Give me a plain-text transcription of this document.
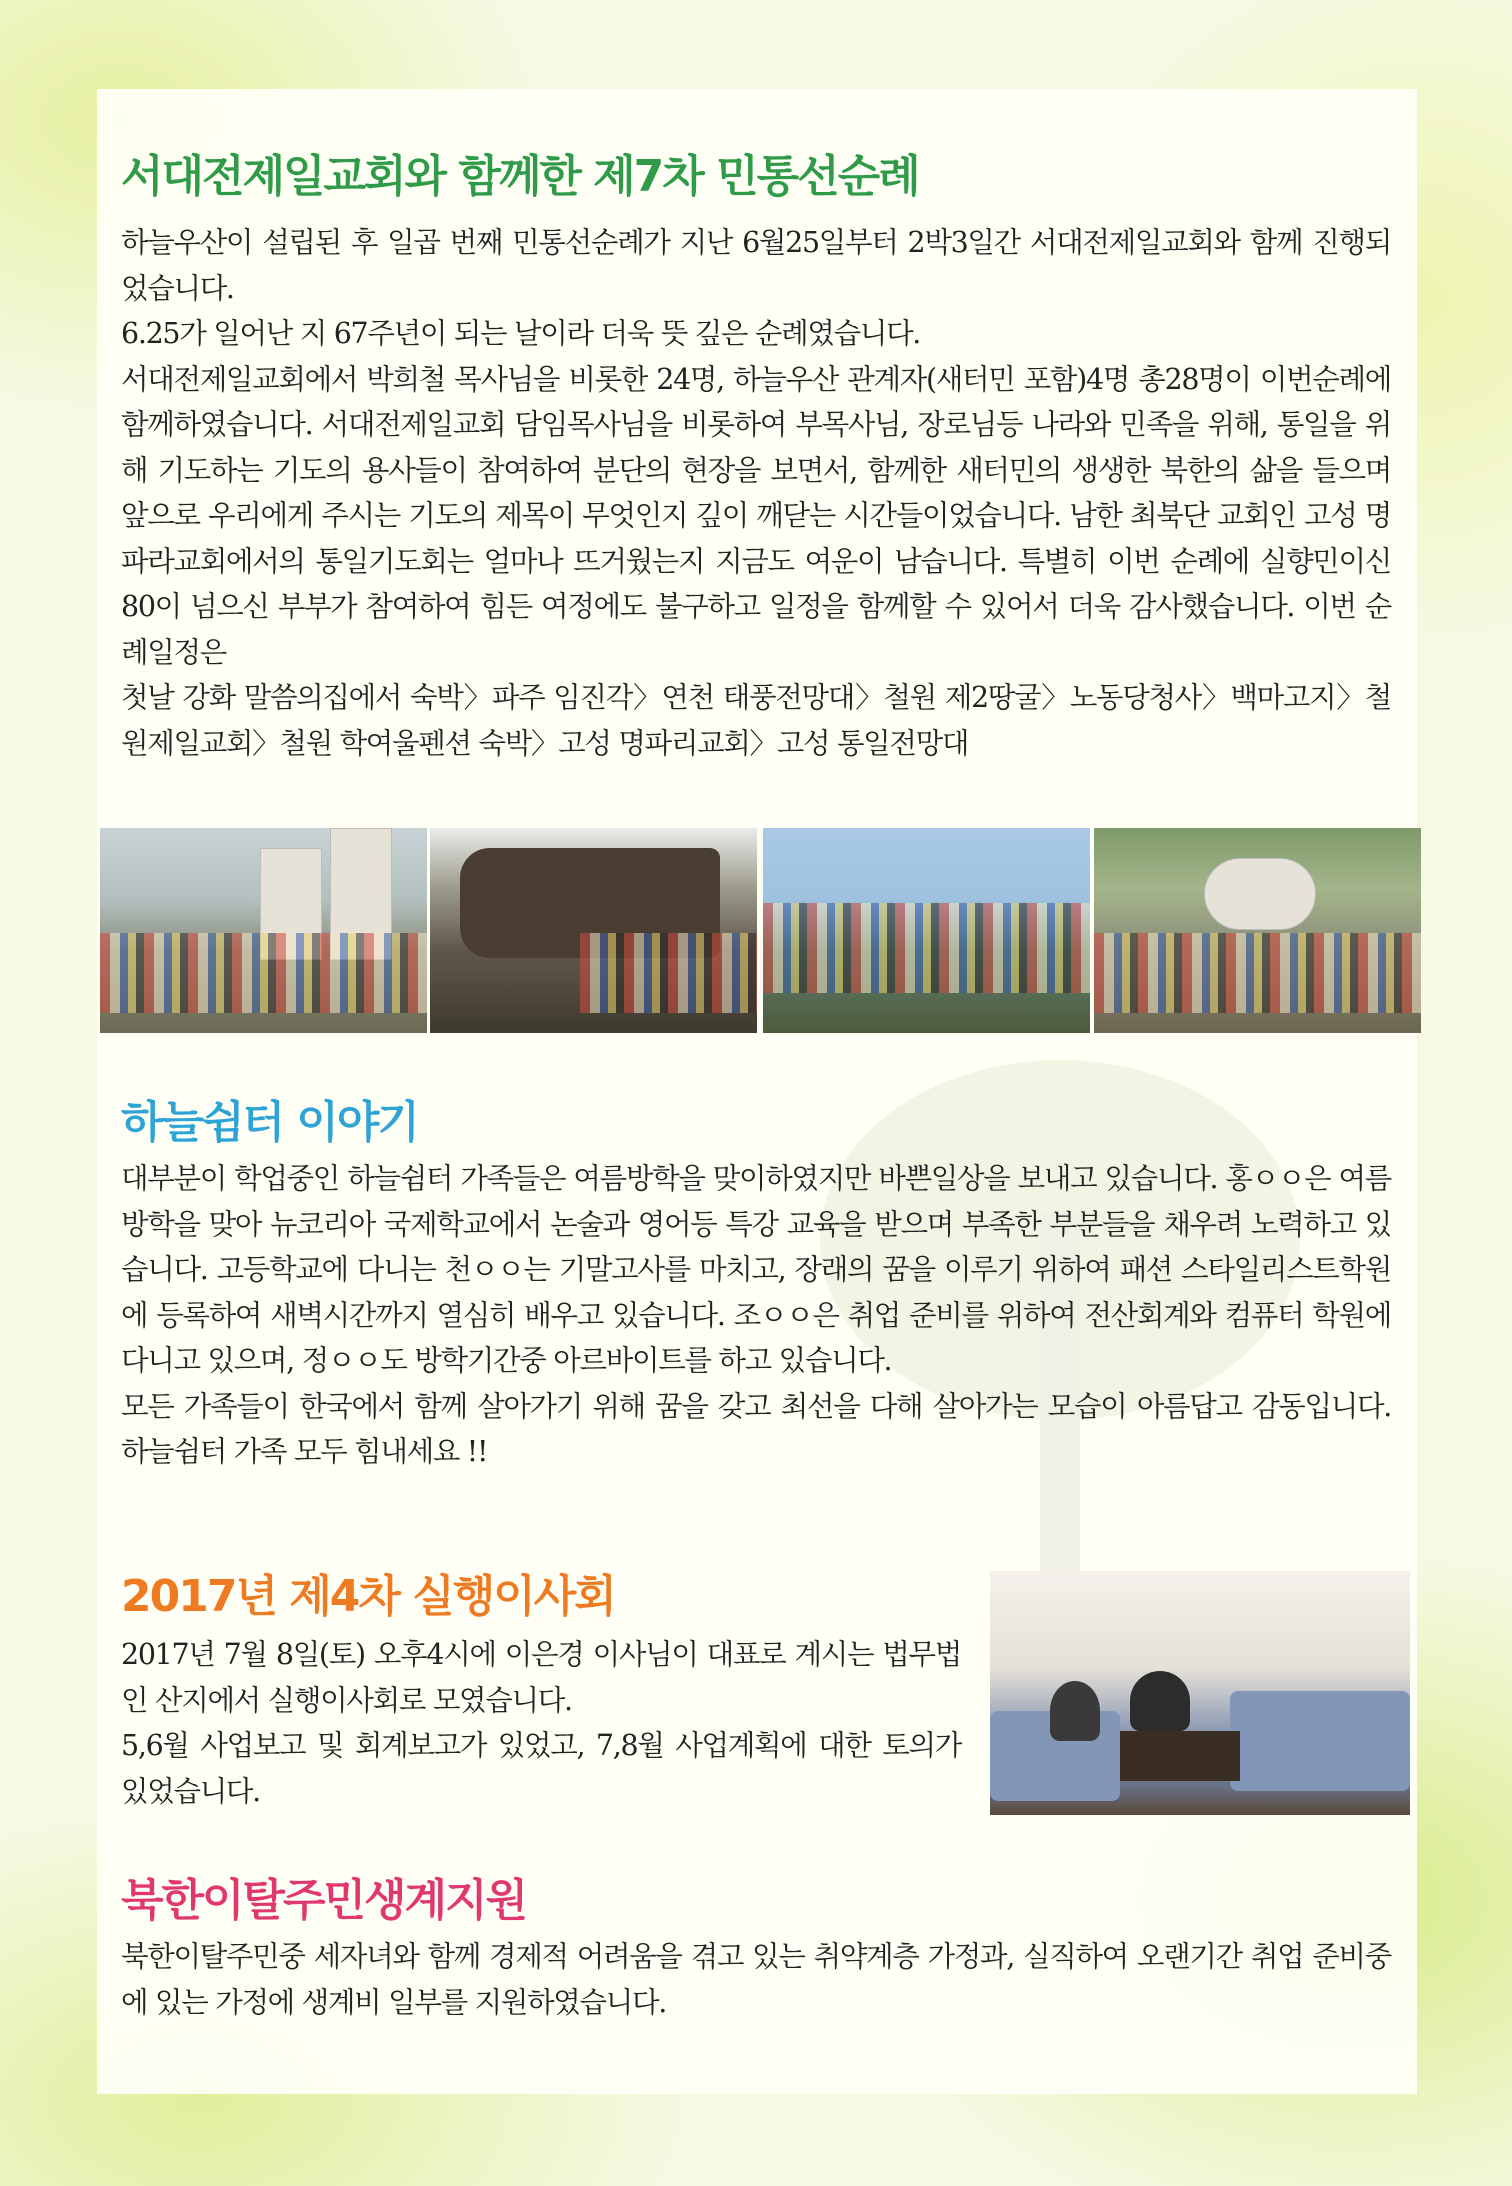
서대전제일교회와 함께한 제7차 민통선순례

하늘우산이 설립된 후 일곱 번째 민통선순례가 지난 6월25일부터 2박3일간 서대전제일교회와 함께 진행되었습니다.

6.25가 일어난 지 67주년이 되는 날이라 더욱 뜻 깊은 순례였습니다.

서대전제일교회에서 박희철 목사님을 비롯한 24명, 하늘우산 관계자(새터민 포함)4명 총28명이 이번순례에 함께하였습니다. 서대전제일교회 담임목사님을 비롯하여 부목사님, 장로님등 나라와 민족을 위해, 통일을 위해 기도하는 기도의 용사들이 참여하여 분단의 현장을 보면서, 함께한 새터민의 생생한 북한의 삶을 들으며 앞으로 우리에게 주시는 기도의 제목이 무엇인지 깊이 깨닫는 시간들이었습니다. 남한 최북단 교회인 고성 명파라교회에서의 통일기도회는 얼마나 뜨거웠는지 지금도 여운이 남습니다. 특별히 이번 순례에 실향민이신 80이 넘으신 부부가 참여하여 힘든 여정에도 불구하고 일정을 함께할 수 있어서 더욱 감사했습니다. 이번 순례일정은

첫날 강화 말씀의집에서 숙박〉파주 임진각〉연천 태풍전망대〉철원 제2땅굴〉노동당청사〉백마고지〉철원제일교회〉철원 학여울펜션 숙박〉고성 명파리교회〉고성 통일전망대

하늘쉼터 이야기

대부분이 학업중인 하늘쉼터 가족들은 여름방학을 맞이하였지만 바쁜일상을 보내고 있습니다. 홍ㅇㅇ은 여름방학을 맞아 뉴코리아 국제학교에서 논술과 영어등 특강 교육을 받으며 부족한 부분들을 채우려 노력하고 있습니다. 고등학교에 다니는 천ㅇㅇ는 기말고사를 마치고, 장래의 꿈을 이루기 위하여 패션 스타일리스트학원에 등록하여 새벽시간까지 열심히 배우고 있습니다. 조ㅇㅇ은 취업 준비를 위하여 전산회계와 컴퓨터 학원에 다니고 있으며, 정ㅇㅇ도 방학기간중 아르바이트를 하고 있습니다.

모든 가족들이 한국에서 함께 살아가기 위해 꿈을 갖고 최선을 다해 살아가는 모습이 아름답고 감동입니다. 하늘쉼터 가족 모두 힘내세요 !!

2017년 제4차 실행이사회

2017년 7월 8일(토) 오후4시에 이은경 이사님이 대표로 계시는 법무법인 산지에서 실행이사회로 모였습니다.

5,6월 사업보고 및 회계보고가 있었고, 7,8월 사업계획에 대한 토의가 있었습니다.

북한이탈주민생계지원

북한이탈주민중 세자녀와 함께 경제적 어려움을 겪고 있는 취약계층 가정과, 실직하여 오랜기간 취업 준비중에 있는 가정에 생계비 일부를 지원하였습니다.
